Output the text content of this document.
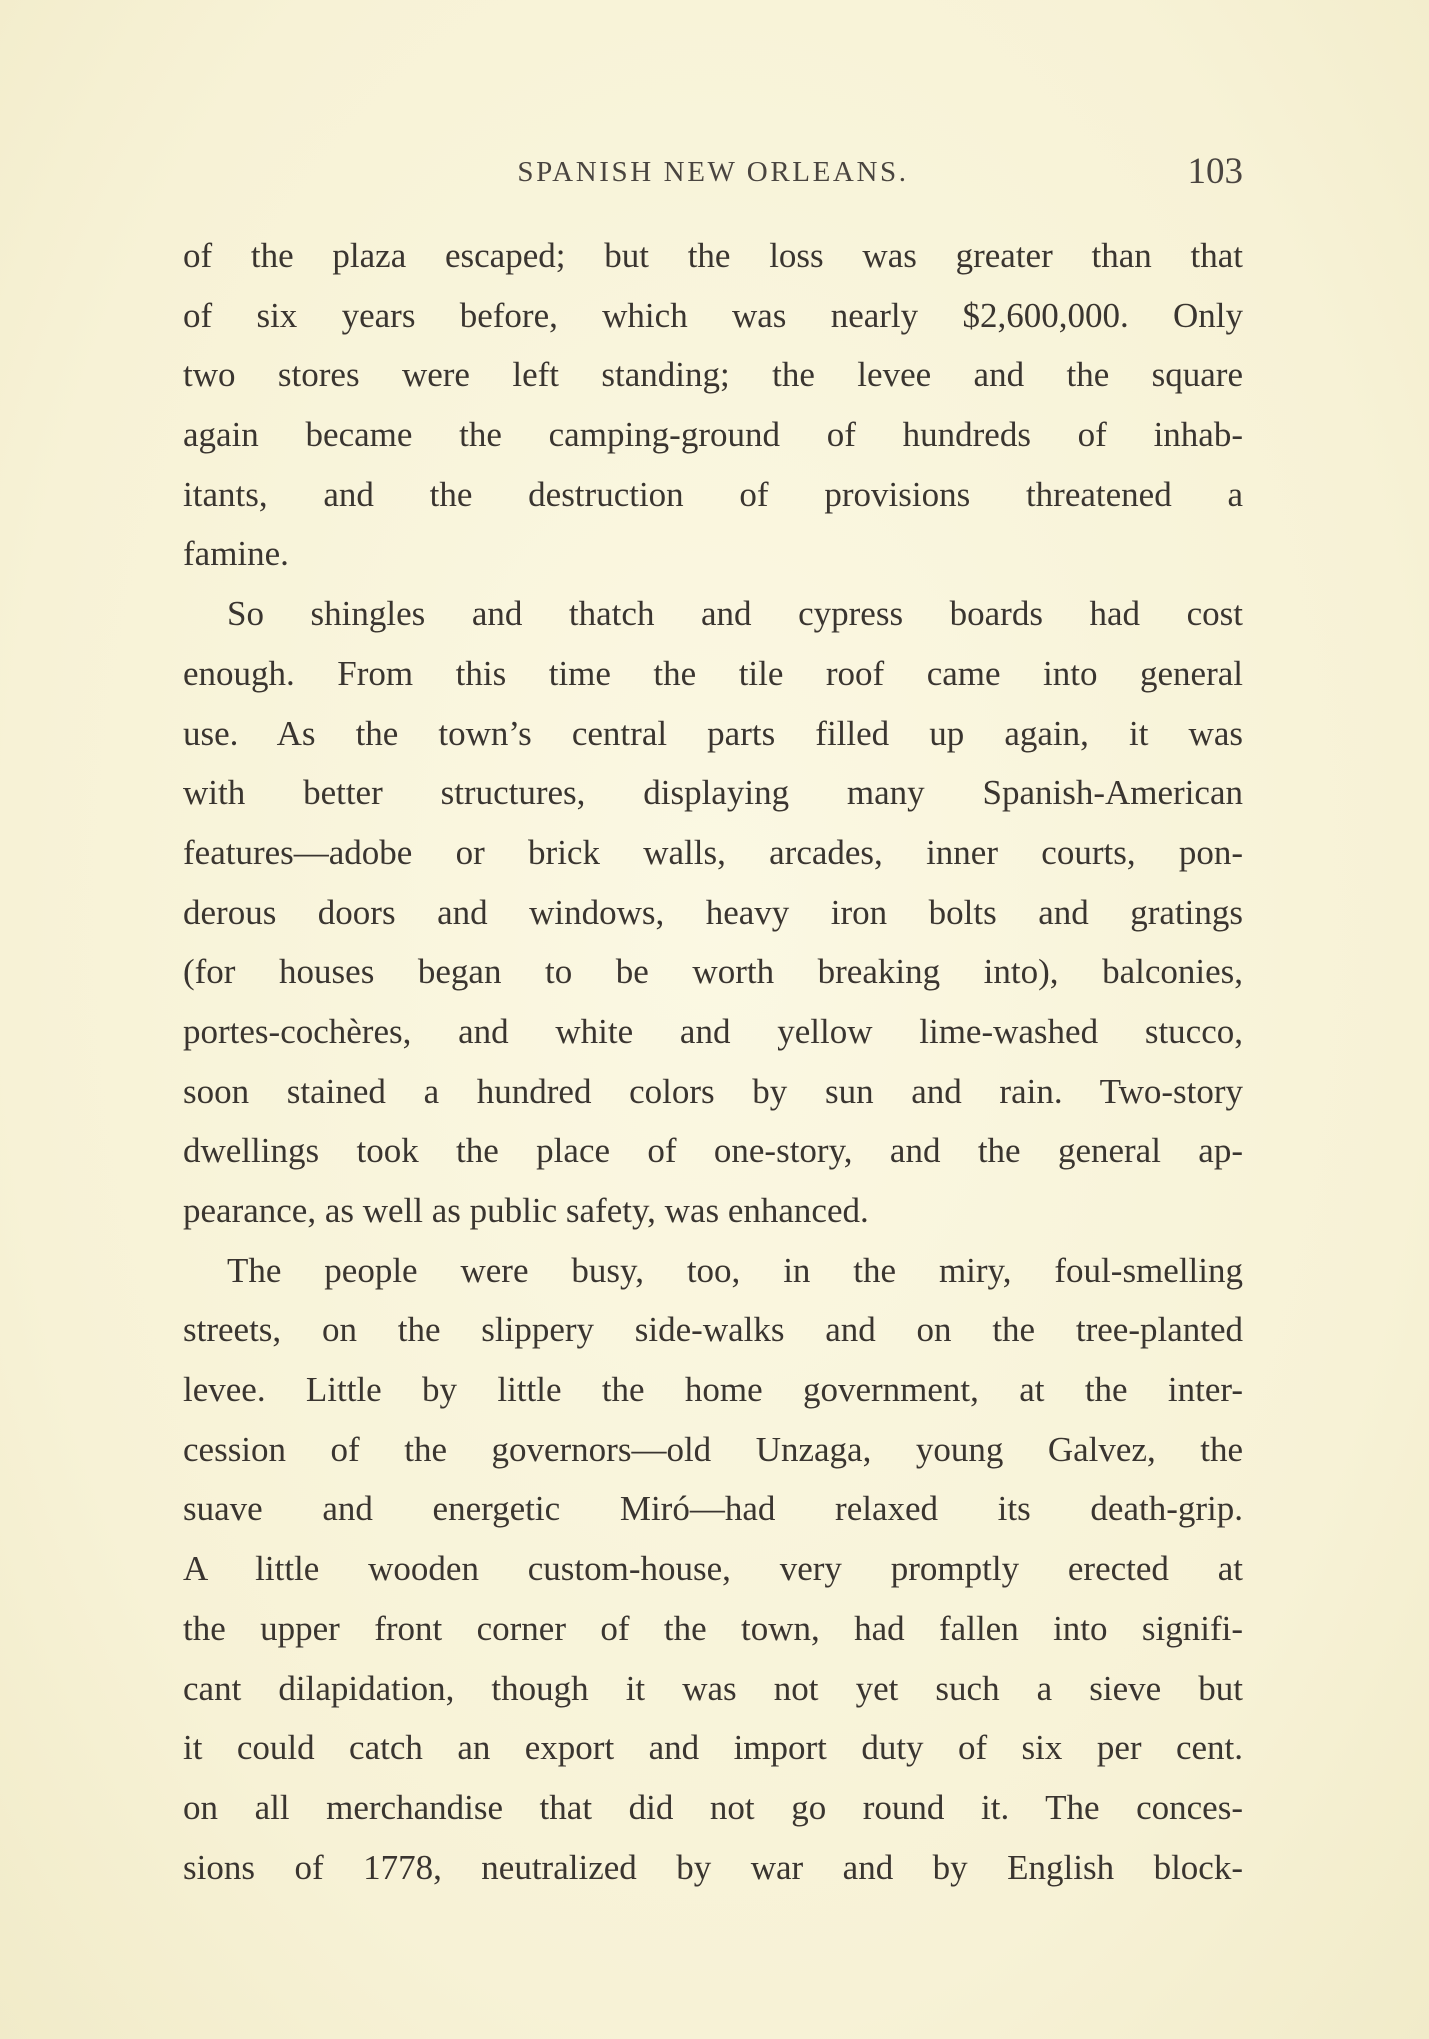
SPANISH NEW ORLEANS.	103
of the plaza escaped; but the loss was greater than that
of six years before, which was nearly $2,600,000. Only
two stores were left standing; the levee and the square
again became the camping-ground of hundreds of inhab-
itants, and the destruction of provisions threatened a
famine.
So shingles and thatch and cypress boards had cost
enough. From this time the tile roof came into general
use. As the town’s central parts filled up again, it was
with better structures, displaying many Spanish-American
features—adobe or brick walls, arcades, inner courts, pon-
derous doors and windows, heavy iron bolts and gratings
(for houses began to be worth breaking into), balconies,
portes-cochères, and white and yellow lime-washed stucco,
soon stained a hundred colors by sun and rain. Two-story
dwellings took the place of one-story, and the general ap-
pearance, as well as public safety, was enhanced.
The people were busy, too, in the miry, foul-smelling
streets, on the slippery side-walks and on the tree-planted
levee. Little by little the home government, at the inter-
cession of the governors—old Unzaga, young Galvez, the
suave and energetic Miró—had relaxed its death-grip.
A little wooden custom-house, very promptly erected at
the upper front corner of the town, had fallen into signifi-
cant dilapidation, though it was not yet such a sieve but
it could catch an export and import duty of six per cent.
on all merchandise that did not go round it. The conces-
sions of 1778, neutralized by war and by English block-
